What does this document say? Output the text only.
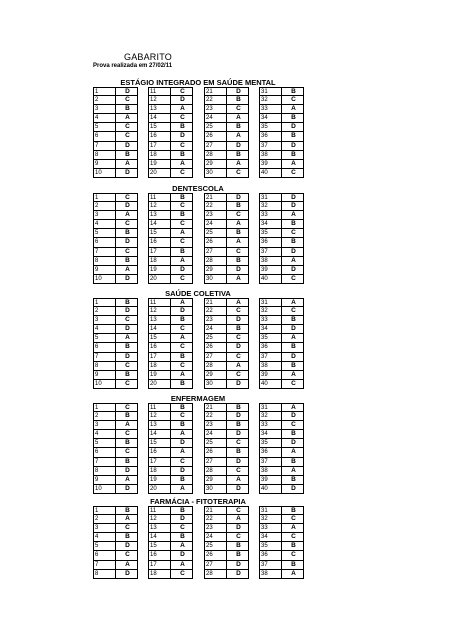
GABARITO
Prova realizada em 27/02/11
ESTÁGIO INTEGRADO EM SAÚDE MENTAL
1	D
2	C
3	B
4	A
5	C
6	C
7	D
8	B
9	A
10	D
11	C
12	D
13	A
14	C
15	B
16	D
17	C
18	B
19	A
20	C
21	D
22	B
23	C
24	A
25	B
26	A
27	D
28	B
29	A
30	C
31	B
32	C
33	A
34	B
35	D
36	B
37	D
38	B
39	A
40	C
DENTESCOLA
1	C
2	D
3	A
4	C
5	B
6	D
7	C
8	B
9	A
10	D
11	B
12	C
13	B
14	C
15	A
16	C
17	B
18	A
19	D
20	C
21	D
22	B
23	C
24	A
25	B
26	A
27	C
28	B
29	D
30	A
31	D
32	D
33	A
34	B
35	C
36	B
37	D
38	A
39	D
40	C
SAÚDE COLETIVA
1	B
2	D
3	C
4	D
5	A
6	B
7	D
8	C
9	B
10	C
11	A
12	D
13	B
14	C
15	A
16	C
17	B
18	C
19	A
20	B
21	A
22	C
23	D
24	B
25	C
26	D
27	C
28	A
29	C
30	D
31	A
32	C
33	B
34	D
35	A
36	B
37	D
38	B
39	A
40	C
ENFERMAGEM
1	C
2	B
3	A
4	C
5	B
6	C
7	B
8	D
9	A
10	D
11	B
12	C
13	B
14	A
15	D
16	A
17	C
18	D
19	B
20	A
21	B
22	D
23	B
24	D
25	C
26	B
27	D
28	C
29	A
30	D
31	A
32	D
33	C
34	B
35	D
36	A
37	B
38	A
39	B
40	D
FARMÁCIA - FITOTERAPIA
1	B
2	A
3	C
4	B
5	D
6	C
7	A
8	D
11	B
12	D
13	C
14	B
15	A
16	D
17	A
18	C
21	C
22	A
23	D
24	C
25	B
26	B
27	D
28	D
31	B
32	C
33	A
34	C
35	B
36	C
37	B
38	A
